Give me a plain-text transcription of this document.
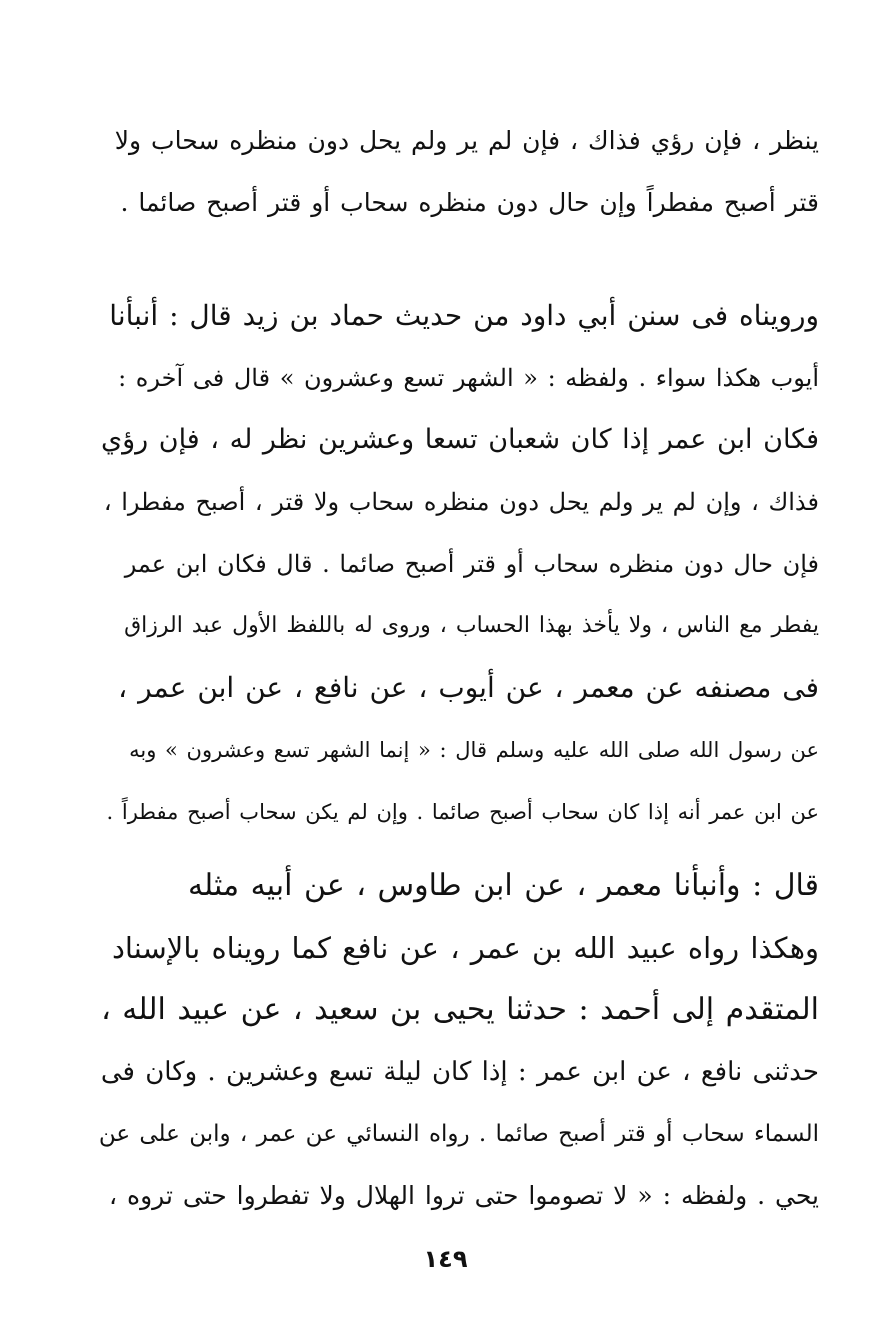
ينظر ، فإن رؤي فذاك ، فإن لم ير ولم يحل دون منظره سحاب ولا
قتر أصبح مفطراً وإن حال دون منظره سحاب أو قتر أصبح صائما .
ورويناه فى سنن أبي داود من حديث حماد بن زيد قال : أنبأنا
أيوب هكذا سواء . ولفظه : « الشهر تسع وعشرون » قال فى آخره :
فكان ابن عمر إذا كان شعبان تسعا وعشرين نظر له ، فإن رؤي
فذاك ، وإن لم ير ولم يحل دون منظره سحاب ولا قتر ، أصبح مفطرا ،
فإن حال دون منظره سحاب أو قتر أصبح صائما . قال فكان ابن عمر
يفطر مع الناس ، ولا يأخذ بهذا الحساب ، وروى له باللفظ الأول عبد الرزاق
فى مصنفه عن معمر ، عن أيوب ، عن نافع ، عن ابن عمر ،
عن رسول الله صلى الله عليه وسلم قال : « إنما الشهر تسع وعشرون » وبه
عن ابن عمر أنه إذا كان سحاب أصبح صائما . وإن لم يكن سحاب أصبح مفطراً .
قال : وأنبأنا معمر ، عن ابن طاوس ، عن أبيه مثله
وهكذا رواه عبيد الله بن عمر ، عن نافع كما رويناه بالإسناد
المتقدم إلى أحمد : حدثنا يحيى بن سعيد ، عن عبيد الله ،
حدثنى نافع ، عن ابن عمر : إذا كان ليلة تسع وعشرين . وكان فى
السماء سحاب أو قتر أصبح صائما . رواه النسائي عن عمر ، وابن على عن
يحي . ولفظه : « لا تصوموا حتى تروا الهلال ولا تفطروا حتى تروه ،
١٤٩
